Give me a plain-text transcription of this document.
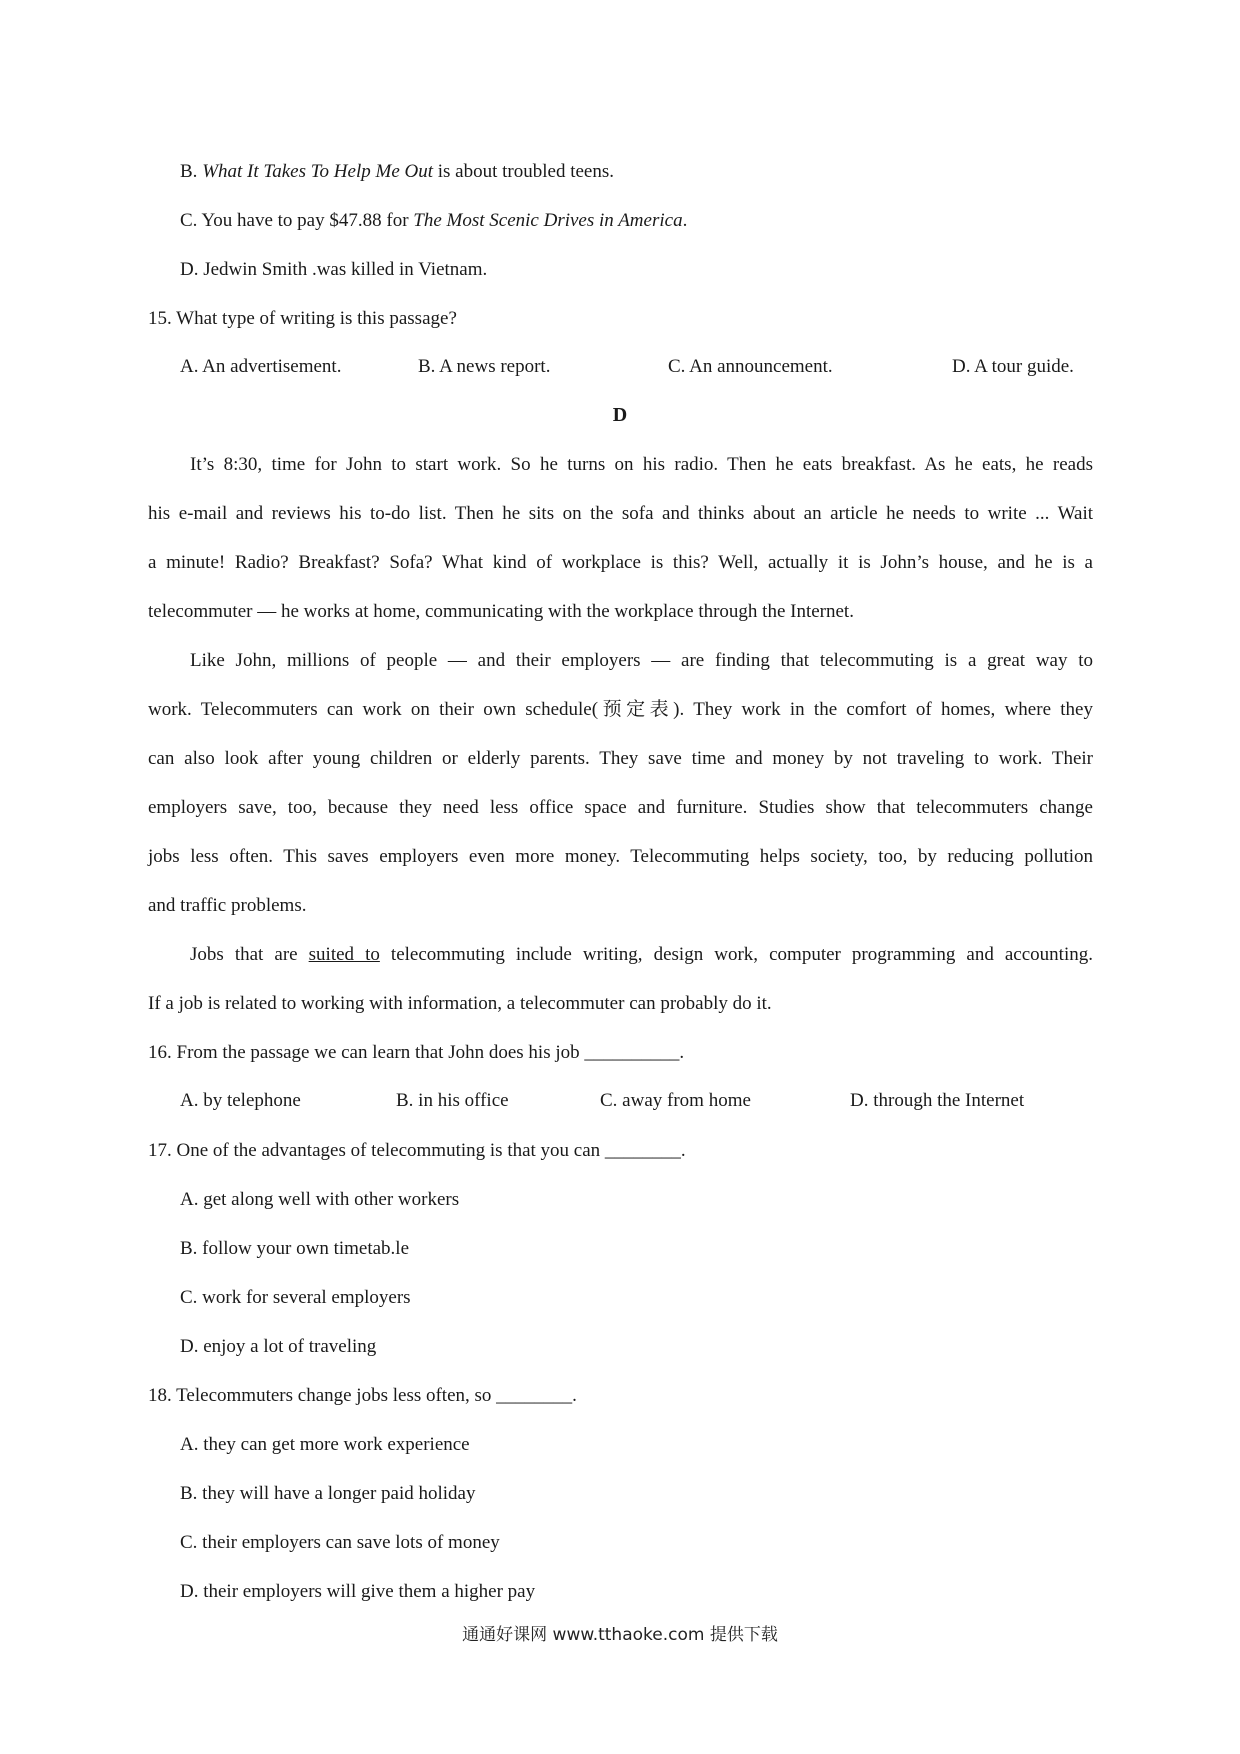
B. What It Takes To Help Me Out is about troubled teens.
C. You have to pay $47.88 for The Most Scenic Drives in America.
D. Jedwin Smith .was killed in Vietnam.
15. What type of writing is this passage?
A. An advertisement.	B. A news report.	C. An announcement.	D. A tour guide.
D
It’s 8:30, time for John to start work. So he turns on his radio. Then he eats breakfast. As he eats, he reads
his e-mail and reviews his to-do list. Then he sits on the sofa and thinks about an article he needs to write ... Wait
a minute! Radio? Breakfast? Sofa? What kind of workplace is this? Well, actually it is John’s house, and he is a
telecommuter — he works at home, communicating with the workplace through the Internet.
Like John, millions of people — and their employers — are finding that telecommuting is a great way to
work. Telecommuters can work on their own schedule(预定表). They work in the comfort of homes, where they
can also look after young children or elderly parents. They save time and money by not traveling to work. Their
employers save, too, because they need less office space and furniture. Studies show that telecommuters change
jobs less often. This saves employers even more money. Telecommuting helps society, too, by reducing pollution
and traffic problems.
Jobs that are suited to telecommuting include writing, design work, computer programming and accounting.
If a job is related to working with information, a telecommuter can probably do it.
16. From the passage we can learn that John does his job __________.
A. by telephone	B. in his office	C. away from home	D. through the Internet
17. One of the advantages of telecommuting is that you can ________.
A. get along well with other workers
B. follow your own timetab.le
C. work for several employers
D. enjoy a lot of traveling
18. Telecommuters change jobs less often, so ________.
A. they can get more work experience
B. they will have a longer paid holiday
C. their employers can save lots of money
D. their employers will give them a higher pay
通通好课网 www.tthaoke.com 提供下载
